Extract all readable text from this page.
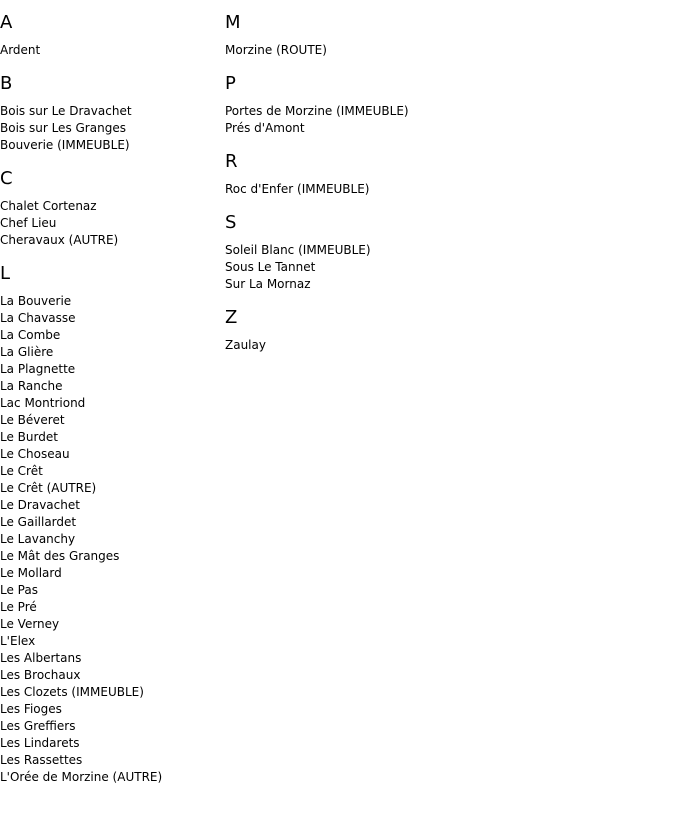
A
Ardent
B
Bois sur Le Dravachet
Bois sur Les Granges
Bouverie (IMMEUBLE)
C
Chalet Cortenaz
Chef Lieu
Cheravaux (AUTRE)
L
La Bouverie
La Chavasse
La Combe
La Glière
La Plagnette
La Ranche
Lac Montriond
Le Béveret
Le Burdet
Le Choseau
Le Crêt
Le Crêt (AUTRE)
Le Dravachet
Le Gaillardet
Le Lavanchy
Le Mât des Granges
Le Mollard
Le Pas
Le Pré
Le Verney
L'Elex
Les Albertans
Les Brochaux
Les Clozets (IMMEUBLE)
Les Fioges
Les Greffiers
Les Lindarets
Les Rassettes
L'Orée de Morzine (AUTRE)
M
Morzine (ROUTE)
P
Portes de Morzine (IMMEUBLE)
Prés d'Amont
R
Roc d'Enfer (IMMEUBLE)
S
Soleil Blanc (IMMEUBLE)
Sous Le Tannet
Sur La Mornaz
Z
Zaulay
